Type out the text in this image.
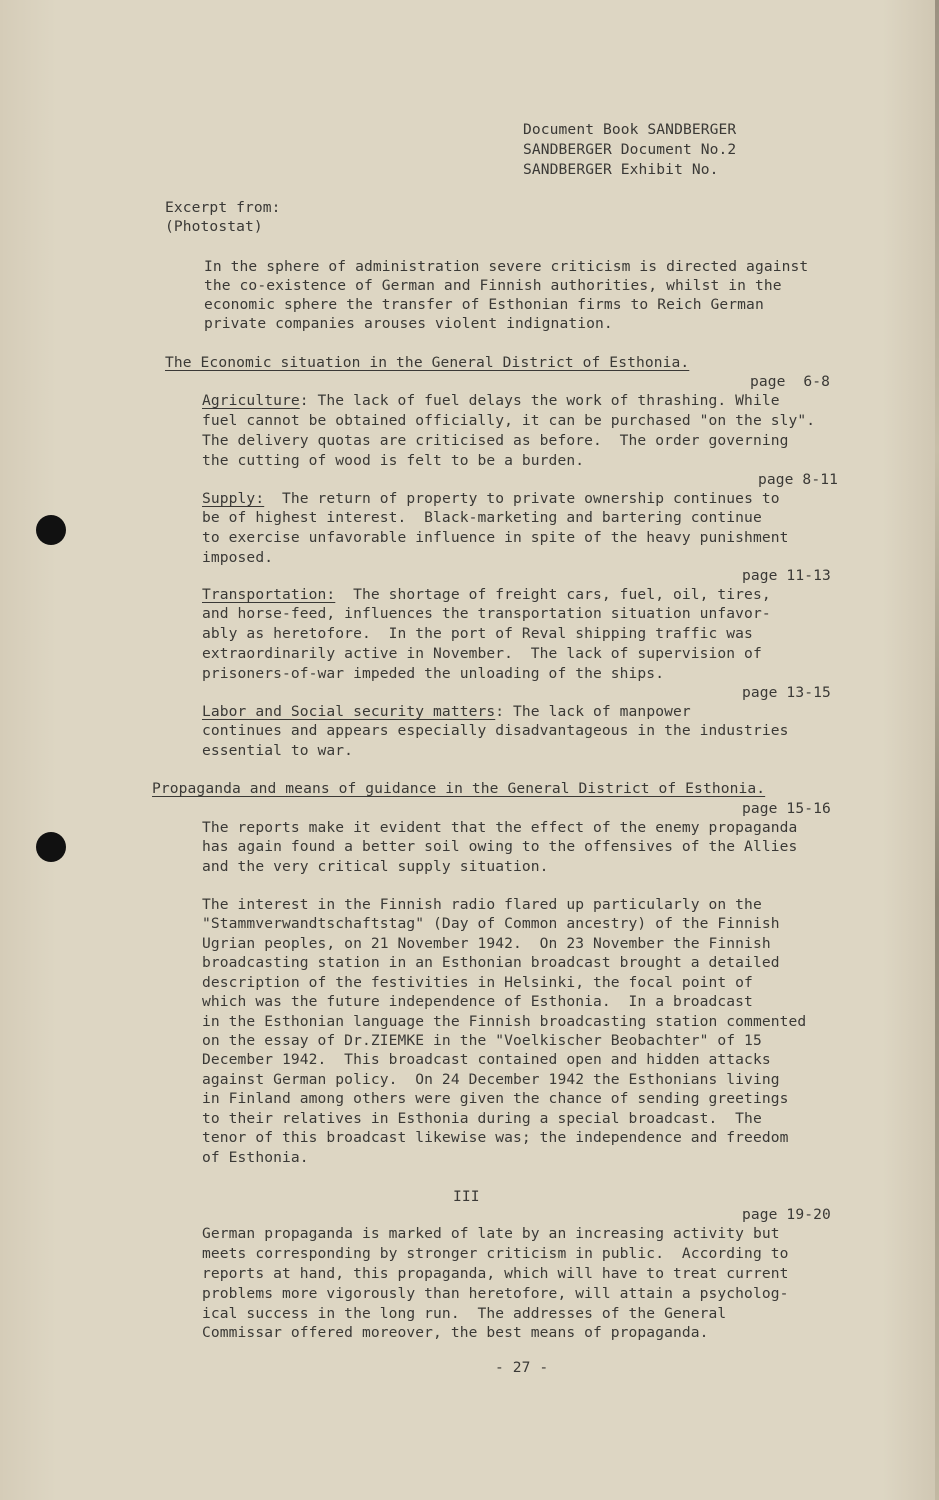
Document Book SANDBERGER
SANDBERGER Document No.2
SANDBERGER Exhibit No.
Excerpt from:
(Photostat)
In the sphere of administration severe criticism is directed against
the co-existence of German and Finnish authorities, whilst in the
economic sphere the transfer of Esthonian firms to Reich German
private companies arouses violent indignation.
The Economic situation in the General District of Esthonia.
page  6-8
Agriculture: The lack of fuel delays the work of thrashing. While
fuel cannot be obtained officially, it can be purchased "on the sly".
The delivery quotas are criticised as before.  The order governing
the cutting of wood is felt to be a burden.
page 8-11
Supply:  The return of property to private ownership continues to
be of highest interest.  Black-marketing and bartering continue
to exercise unfavorable influence in spite of the heavy punishment
imposed.
page 11-13
Transportation:  The shortage of freight cars, fuel, oil, tires,
and horse-feed, influences the transportation situation unfavor-
ably as heretofore.  In the port of Reval shipping traffic was
extraordinarily active in November.  The lack of supervision of
prisoners-of-war impeded the unloading of the ships.
page 13-15
Labor and Social security matters: The lack of manpower
continues and appears especially disadvantageous in the industries
essential to war.
Propaganda and means of guidance in the General District of Esthonia.
page 15-16
The reports make it evident that the effect of the enemy propaganda
has again found a better soil owing to the offensives of the Allies
and the very critical supply situation.
The interest in the Finnish radio flared up particularly on the
"Stammverwandtschaftstag" (Day of Common ancestry) of the Finnish
Ugrian peoples, on 21 November 1942.  On 23 November the Finnish
broadcasting station in an Esthonian broadcast brought a detailed
description of the festivities in Helsinki, the focal point of
which was the future independence of Esthonia.  In a broadcast
in the Esthonian language the Finnish broadcasting station commented
on the essay of Dr.ZIEMKE in the "Voelkischer Beobachter" of 15
December 1942.  This broadcast contained open and hidden attacks
against German policy.  On 24 December 1942 the Esthonians living
in Finland among others were given the chance of sending greetings
to their relatives in Esthonia during a special broadcast.  The
tenor of this broadcast likewise was; the independence and freedom
of Esthonia.
III
page 19-20
German propaganda is marked of late by an increasing activity but
meets corresponding by stronger criticism in public.  According to
reports at hand, this propaganda, which will have to treat current
problems more vigorously than heretofore, will attain a psycholog-
ical success in the long run.  The addresses of the General
Commissar offered moreover, the best means of propaganda.
- 27 -
